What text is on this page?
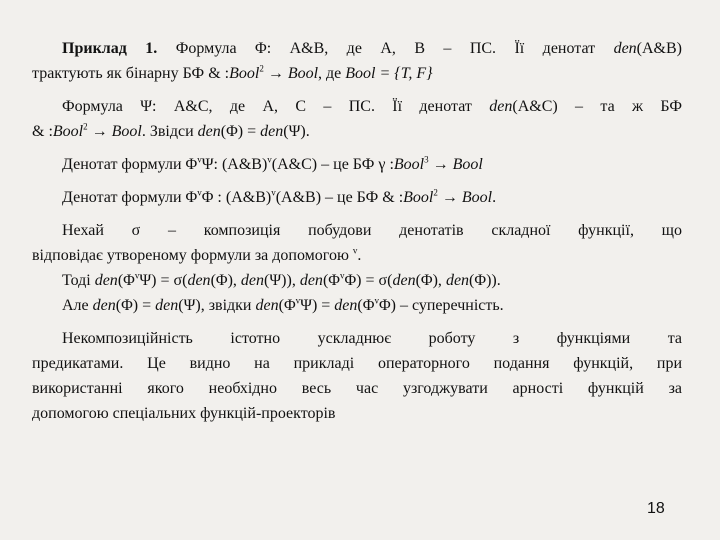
Приклад 1. Формула Φ: A&B, де A, B – ПС. Її денотат den(A&B)

трактують як бінарну БФ & :Bool$^2$ → Bool, де Bool = {T, F}

Формула Ψ: A&C, де A, C – ПС. Її денотат den(A&C) – та ж БФ

& :Bool$^2$ → Bool. Звідси den(Φ) = den(Ψ).

Денотат формули $\Phi^v\Psi$: (A&B)$^v$(A&C) – це БФ γ :Bool$^3$ → Bool

Денотат формули $\Phi^v\Phi$ : (A&B)$^v$(A&B) – це БФ & :Bool$^2$ → Bool.

Нехай σ – композиція побудови денотатів складної функції, що

відповідає утвореному формули за допомогою $^v$.

Тоді $den(\Phi^v\Psi) = \sigma(den(\Phi)$, den(Ψ)), $den(\Phi^v\Phi) = \sigma(den(\Phi)$, den(Φ)).

Але den(Φ) = den(Ψ), звідки $den(\Phi^v\Psi) = den(\Phi^v\Phi)$ – суперечність.

Некомпозиційність істотно ускладнює роботу з функціями та

предикатами. Це видно на прикладі операторного подання функцій, при

використанні якого необхідно весь час узгоджувати арності функцій за

допомогою спеціальних функцій-проекторів

18
